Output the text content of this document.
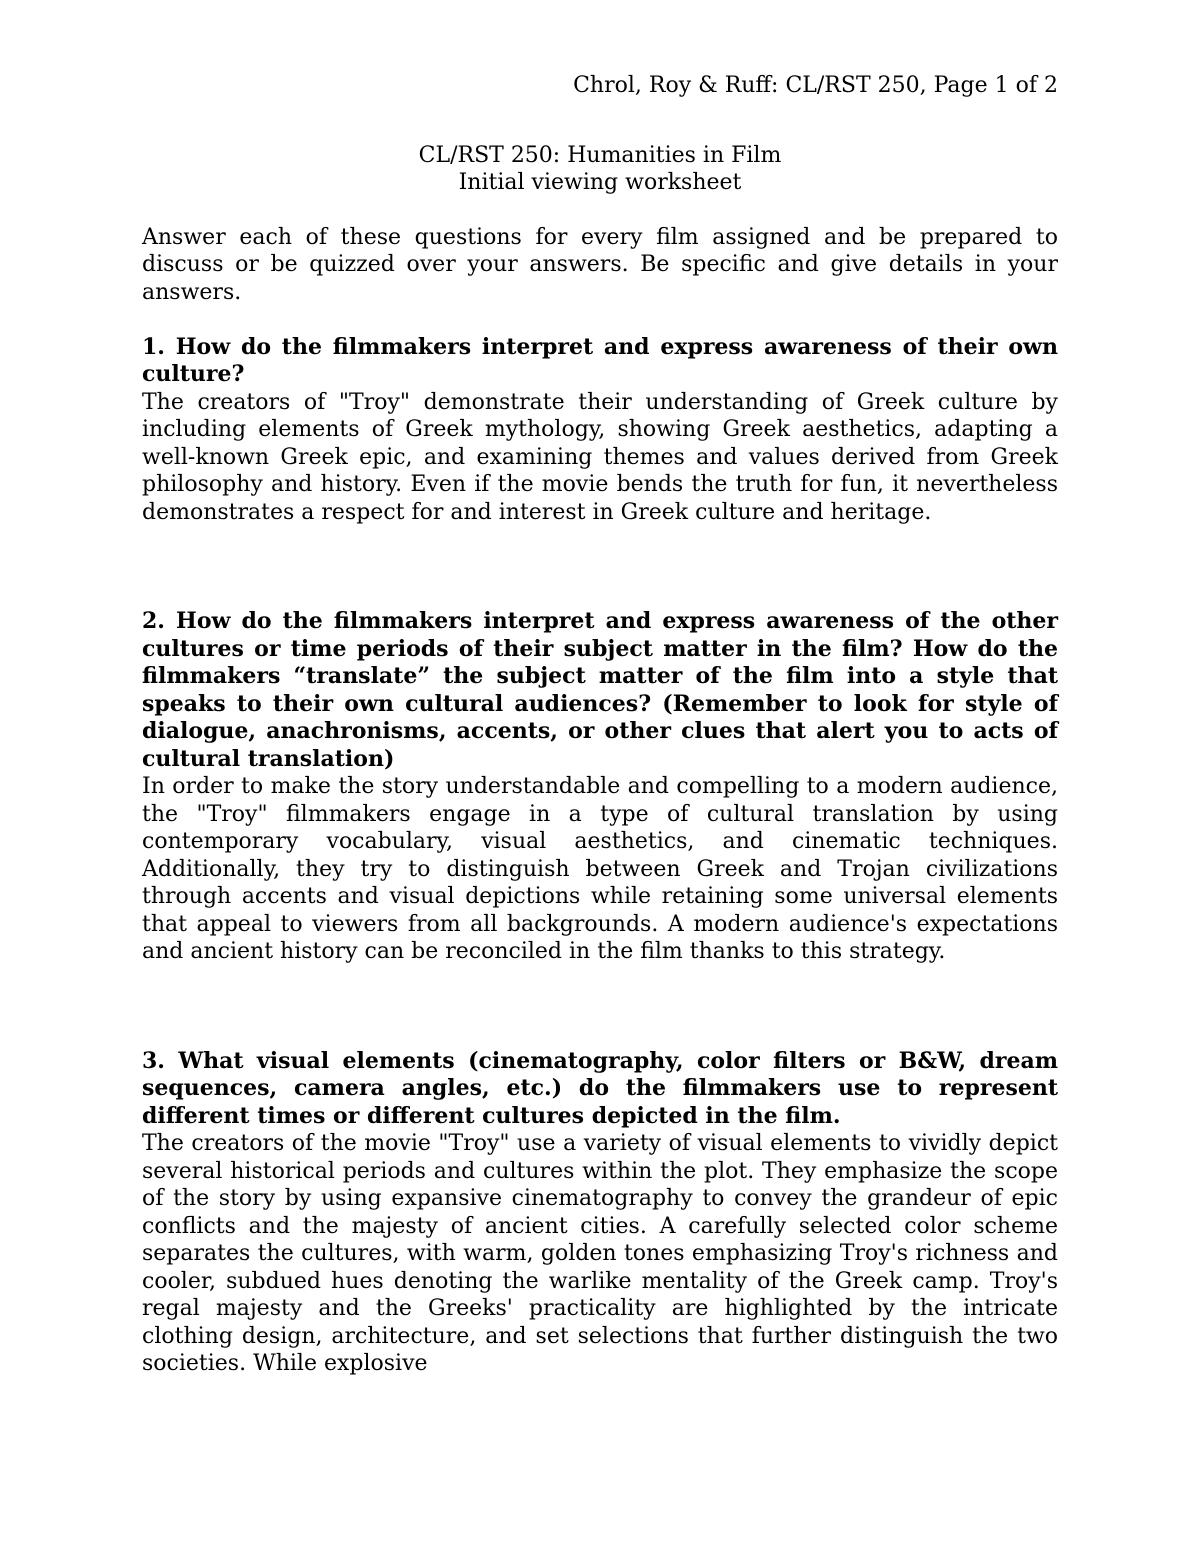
Chrol, Roy & Ruff: CL/RST 250, Page 1 of 2

CL/RST 250: Humanities in Film

Initial viewing worksheet

Answer each of these questions for every film assigned and be prepared to discuss or be quizzed over your answers. Be specific and give details in your answers.

1. How do the filmmakers interpret and express awareness of their own culture?

The creators of "Troy" demonstrate their understanding of Greek culture by including elements of Greek mythology, showing Greek aesthetics, adapting a well-known Greek epic, and examining themes and values derived from Greek philosophy and history. Even if the movie bends the truth for fun, it nevertheless demonstrates a respect for and interest in Greek culture and heritage.

2. How do the filmmakers interpret and express awareness of the other cultures or time periods of their subject matter in the film? How do the filmmakers “translate” the subject matter of the film into a style that speaks to their own cultural audiences? (Remember to look for style of dialogue, anachronisms, accents, or other clues that alert you to acts of cultural translation)

In order to make the story understandable and compelling to a modern audience, the "Troy" filmmakers engage in a type of cultural translation by using contemporary vocabulary, visual aesthetics, and cinematic techniques. Additionally, they try to distinguish between Greek and Trojan civilizations through accents and visual depictions while retaining some universal elements that appeal to viewers from all backgrounds. A modern audience's expectations and ancient history can be reconciled in the film thanks to this strategy.

3. What visual elements (cinematography, color filters or B&W, dream sequences, camera angles, etc.) do the filmmakers use to represent different times or different cultures depicted in the film.

The creators of the movie "Troy" use a variety of visual elements to vividly depict several historical periods and cultures within the plot. They emphasize the scope of the story by using expansive cinematography to convey the grandeur of epic conflicts and the majesty of ancient cities. A carefully selected color scheme separates the cultures, with warm, golden tones emphasizing Troy's richness and cooler, subdued hues denoting the warlike mentality of the Greek camp. Troy's regal majesty and the Greeks' practicality are highlighted by the intricate clothing design, architecture, and set selections that further distinguish the two societies. While explosive
